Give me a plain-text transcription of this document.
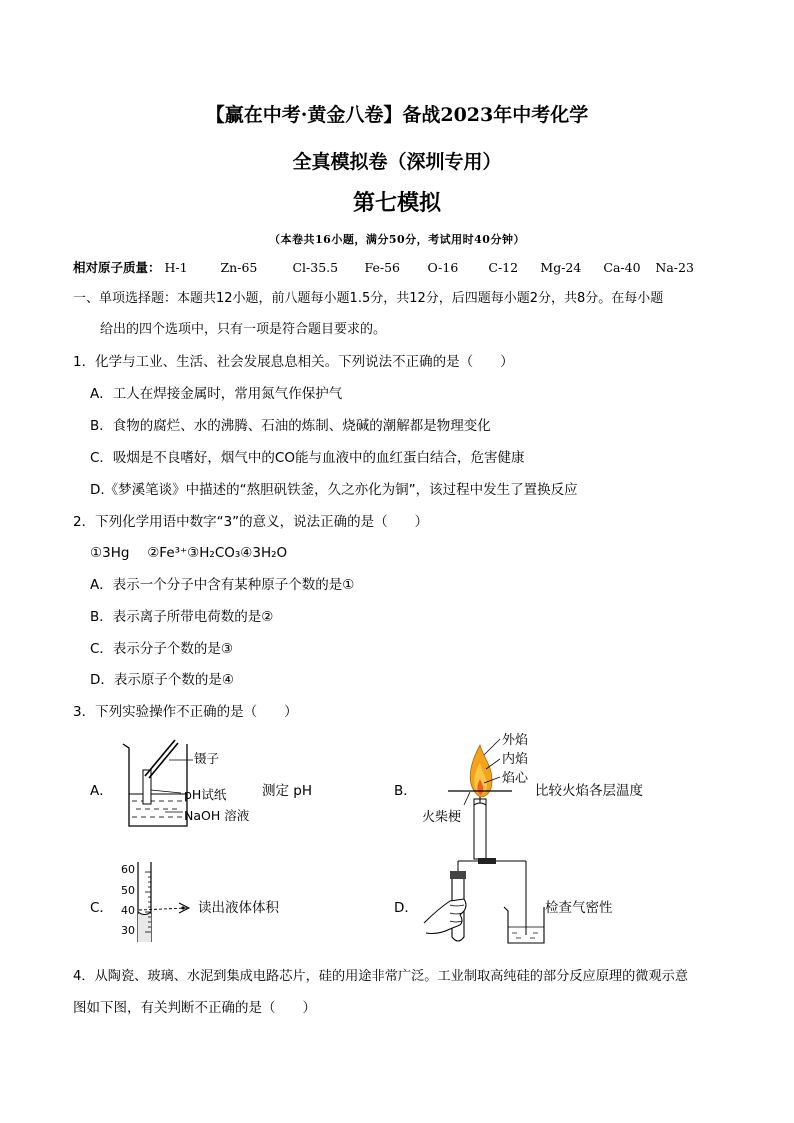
【赢在中考·黄金八卷】备战2023年中考化学
全真模拟卷（深圳专用）
第七模拟
（本卷共16小题，满分50分，考试用时40分钟）
相对原子质量： H-1	Zn-65	Cl-35.5 Fe-56 O-16 C-12 Mg-24 Ca-40 Na-23
一、单项选择题：本题共12小题，前八题每小题1.5分，共12分，后四题每小题2分，共8分。在每小题
给出的四个选项中，只有一项是符合题目要求的。
1．化学与工业、生活、社会发展息息相关。下列说法不正确的是（　　）
A．工人在焊接金属时，常用氮气作保护气
B．食物的腐烂、水的沸腾、石油的炼制、烧碱的潮解都是物理变化
C．吸烟是不良嗜好，烟气中的CO能与血液中的血红蛋白结合，危害健康
D.《梦溪笔谈》中描述的“熬胆矾铁釜，久之亦化为铜”，该过程中发生了置换反应
2．下列化学用语中数字“3”的意义，说法正确的是（　　）
①3Hg　 ②Fe³⁺③H₂CO₃④3H₂O
A．表示一个分子中含有某种原子个数的是①
B．表示离子所带电荷数的是②
C．表示分子个数的是③
D．表示原子个数的是④
3．下列实验操作不正确的是（　　）
A．
镊子
pH试纸
NaOH 溶液
测定 pH	B．
外焰
内焰
焰心
火柴梗
比较火焰各层温度
C．
60
50
40
30
读出液体体积	D．	检查气密性
4．从陶瓷、玻璃、水泥到集成电路芯片，硅的用途非常广泛。工业制取高纯硅的部分反应原理的微观示意
图如下图，有关判断不正确的是（　　）
